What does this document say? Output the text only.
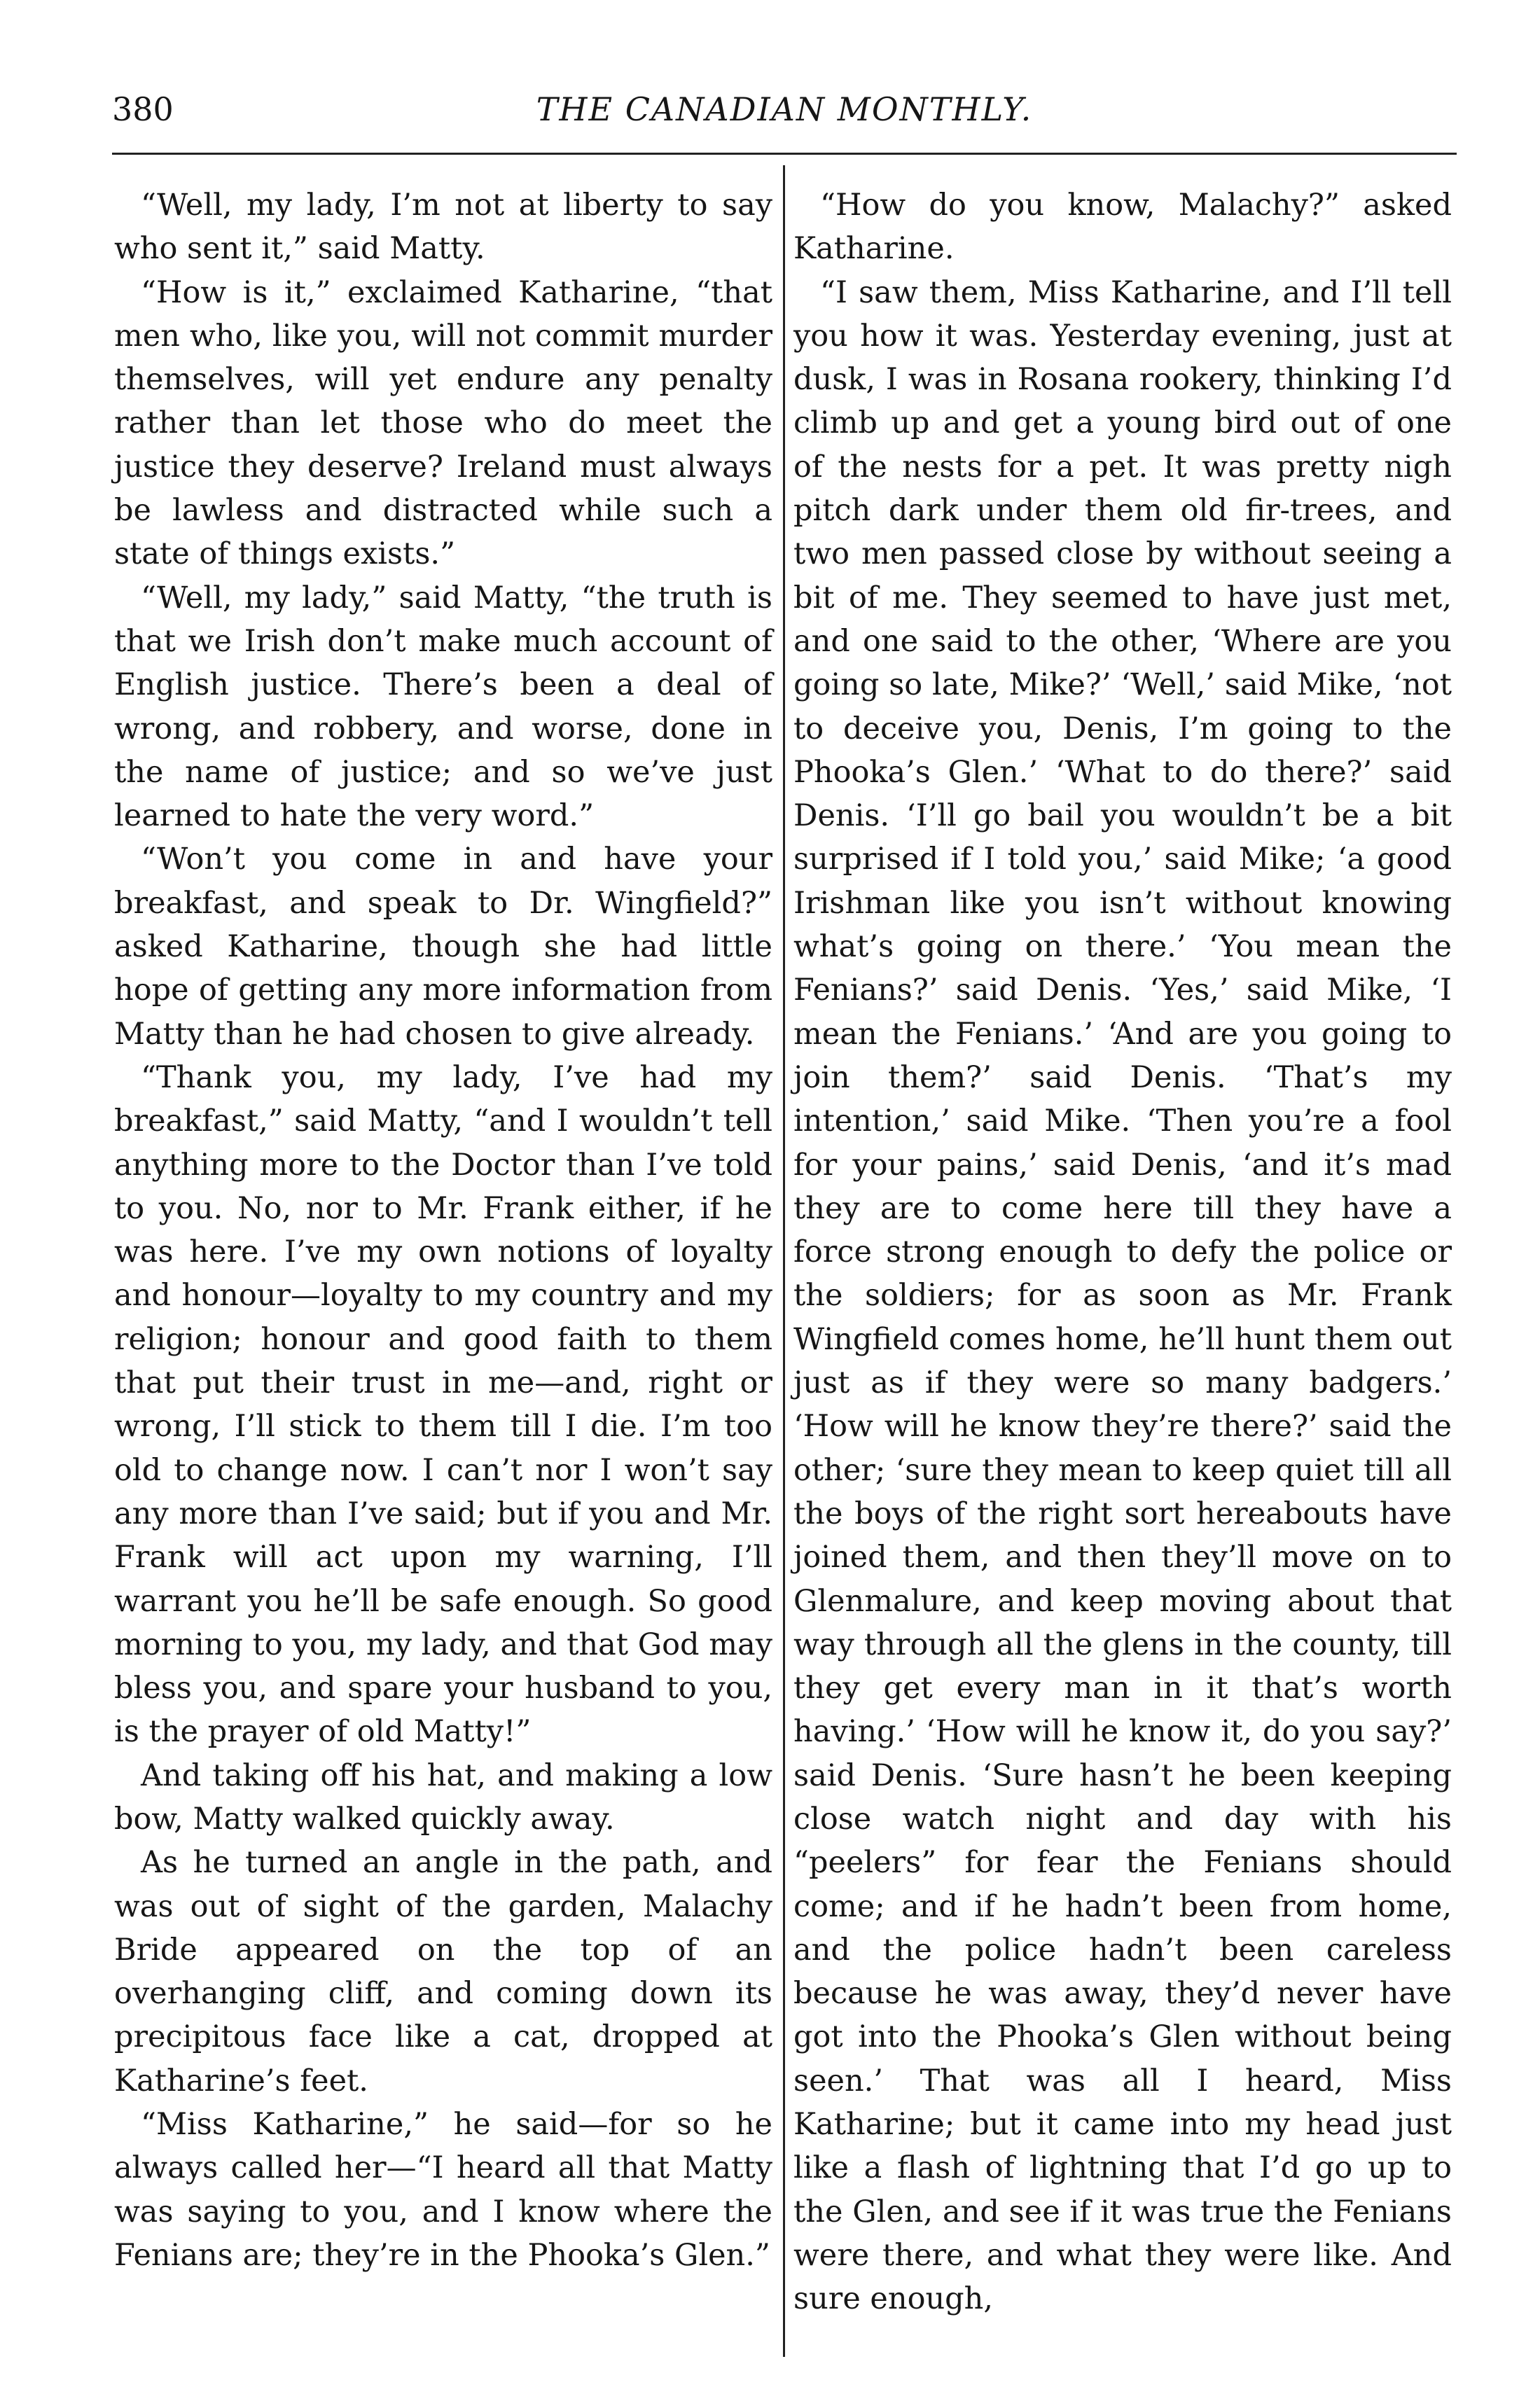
380	THE CANADIAN MONTHLY.

“Well, my lady, I’m not at liberty to say who sent it,” said Matty.

“How is it,” exclaimed Katharine, “that men who, like you, will not commit murder themselves, will yet endure any penalty rather than let those who do meet the justice they deserve? Ireland must always be lawless and distracted while such a state of things exists.”

“Well, my lady,” said Matty, “the truth is that we Irish don’t make much account of English justice. There’s been a deal of wrong, and robbery, and worse, done in the name of justice; and so we’ve just learned to hate the very word.”

“Won’t you come in and have your breakfast, and speak to Dr. Wingfield?” asked Katharine, though she had little hope of getting any more information from Matty than he had chosen to give already.

“Thank you, my lady, I’ve had my breakfast,” said Matty, “and I wouldn’t tell anything more to the Doctor than I’ve told to you. No, nor to Mr. Frank either, if he was here. I’ve my own notions of loyalty and honour—loyalty to my country and my religion; honour and good faith to them that put their trust in me—and, right or wrong, I’ll stick to them till I die. I’m too old to change now. I can’t nor I won’t say any more than I’ve said; but if you and Mr. Frank will act upon my warning, I’ll warrant you he’ll be safe enough. So good morning to you, my lady, and that God may bless you, and spare your husband to you, is the prayer of old Matty!”

And taking off his hat, and making a low bow, Matty walked quickly away.

As he turned an angle in the path, and was out of sight of the garden, Malachy Bride appeared on the top of an overhanging cliff, and coming down its precipitous face like a cat, dropped at Katharine’s feet.

“Miss Katharine,” he said—for so he always called her—“I heard all that Matty was saying to you, and I know where the Fenians are; they’re in the Phooka’s Glen.”

“How do you know, Malachy?” asked Katharine.

“I saw them, Miss Katharine, and I’ll tell you how it was. Yesterday evening, just at dusk, I was in Rosana rookery, thinking I’d climb up and get a young bird out of one of the nests for a pet. It was pretty nigh pitch dark under them old fir-trees, and two men passed close by without seeing a bit of me. They seemed to have just met, and one said to the other, ‘Where are you going so late, Mike?’ ‘Well,’ said Mike, ‘not to deceive you, Denis, I’m going to the Phooka’s Glen.’ ‘What to do there?’ said Denis. ‘I’ll go bail you wouldn’t be a bit surprised if I told you,’ said Mike; ‘a good Irishman like you isn’t without knowing what’s going on there.’ ‘You mean the Fenians?’ said Denis. ‘Yes,’ said Mike, ‘I mean the Fenians.’ ‘And are you going to join them?’ said Denis. ‘That’s my intention,’ said Mike. ‘Then you’re a fool for your pains,’ said Denis, ‘and it’s mad they are to come here till they have a force strong enough to defy the police or the soldiers; for as soon as Mr. Frank Wingfield comes home, he’ll hunt them out just as if they were so many badgers.’ ‘How will he know they’re there?’ said the other; ‘sure they mean to keep quiet till all the boys of the right sort hereabouts have joined them, and then they’ll move on to Glenmalure, and keep moving about that way through all the glens in the county, till they get every man in it that’s worth having.’ ‘How will he know it, do you say?’ said Denis. ‘Sure hasn’t he been keeping close watch night and day with his “peelers” for fear the Fenians should come; and if he hadn’t been from home, and the police hadn’t been careless because he was away, they’d never have got into the Phooka’s Glen without being seen.’ That was all I heard, Miss Katharine; but it came into my head just like a flash of lightning that I’d go up to the Glen, and see if it was true the Fenians were there, and what they were like. And sure enough,
